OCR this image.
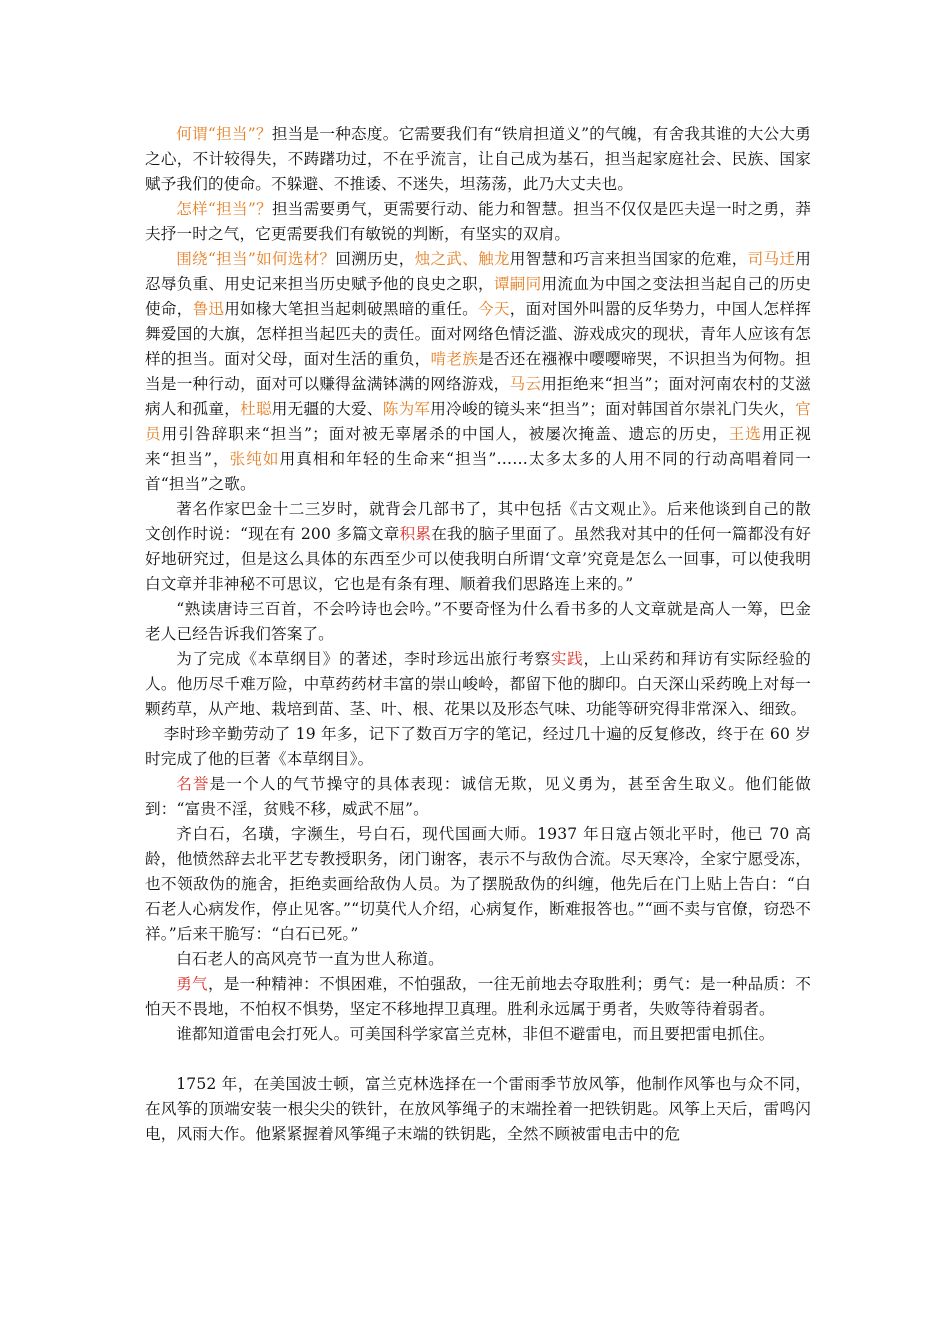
何谓“担当”？担当是一种态度。它需要我们有“铁肩担道义”的气魄，有舍我其谁的大公大勇之心，不计较得失，不踌躇功过，不在乎流言，让自己成为基石，担当起家庭社会、民族、国家赋予我们的使命。不躲避、不推诿、不迷失，坦荡荡，此乃大丈夫也。

怎样“担当”？担当需要勇气，更需要行动、能力和智慧。担当不仅仅是匹夫逞一时之勇，莽夫抒一时之气，它更需要我们有敏锐的判断，有坚实的双肩。

围绕“担当”如何选材？回溯历史，烛之武、触龙用智慧和巧言来担当国家的危难，司马迁用忍辱负重、用史记来担当历史赋予他的良史之职，谭嗣同用流血为中国之变法担当起自己的历史使命，鲁迅用如椽大笔担当起刺破黑暗的重任。今天，面对国外叫嚣的反华势力，中国人怎样挥舞爱国的大旗，怎样担当起匹夫的责任。面对网络色情泛滥、游戏成灾的现状，青年人应该有怎样的担当。面对父母，面对生活的重负，啃老族是否还在襁褓中嘤嘤啼哭，不识担当为何物。担当是一种行动，面对可以赚得盆满钵满的网络游戏，马云用拒绝来“担当”；面对河南农村的艾滋病人和孤童，杜聪用无疆的大爱、陈为军用冷峻的镜头来“担当”；面对韩国首尔崇礼门失火，官员用引咎辞职来“担当”；面对被无辜屠杀的中国人，被屡次掩盖、遗忘的历史，王选用正视来“担当”，张纯如用真相和年轻的生命来“担当”……太多太多的人用不同的行动高唱着同一首“担当”之歌。

著名作家巴金十二三岁时，就背会几部书了，其中包括《古文观止》。后来他谈到自己的散文创作时说：“现在有 200 多篇文章积累在我的脑子里面了。虽然我对其中的任何一篇都没有好好地研究过，但是这么具体的东西至少可以使我明白所谓‘文章’究竟是怎么一回事，可以使我明白文章并非神秘不可思议，它也是有条有理、顺着我们思路连上来的。”

“熟读唐诗三百首，不会吟诗也会吟。”不要奇怪为什么看书多的人文章就是高人一筹，巴金老人已经告诉我们答案了。

为了完成《本草纲目》的著述，李时珍远出旅行考察实践，上山采药和拜访有实际经验的人。他历尽千难万险，中草药药材丰富的崇山峻岭，都留下他的脚印。白天深山采药晚上对每一颗药草，从产地、栽培到苗、茎、叶、根、花果以及形态气味、功能等研究得非常深入、细致。

李时珍辛勤劳动了 19 年多，记下了数百万字的笔记，经过几十遍的反复修改，终于在 60 岁时完成了他的巨著《本草纲目》。

名誉是一个人的气节操守的具体表现：诚信无欺，见义勇为，甚至舍生取义。他们能做到：“富贵不淫，贫贱不移，威武不屈”。

齐白石，名璜，字濒生，号白石，现代国画大师。1937 年日寇占领北平时，他已 70 高龄，他愤然辞去北平艺专教授职务，闭门谢客，表示不与敌伪合流。尽天寒冷，全家宁愿受冻，也不领敌伪的施舍，拒绝卖画给敌伪人员。为了摆脱敌伪的纠缠，他先后在门上贴上告白：“白石老人心病发作，停止见客。”“切莫代人介绍，心病复作，断难报答也。”“画不卖与官僚，窃恐不祥。”后来干脆写：“白石已死。”

白石老人的高风亮节一直为世人称道。

勇气，是一种精神：不惧困难，不怕强敌，一往无前地去夺取胜利；勇气：是一种品质：不怕天不畏地，不怕权不惧势，坚定不移地捍卫真理。胜利永远属于勇者，失败等待着弱者。

谁都知道雷电会打死人。可美国科学家富兰克林，非但不避雷电，而且要把雷电抓住。

1752 年，在美国波士顿，富兰克林选择在一个雷雨季节放风筝，他制作风筝也与众不同，在风筝的顶端安装一根尖尖的铁针，在放风筝绳子的末端拴着一把铁钥匙。风筝上天后，雷鸣闪电，风雨大作。他紧紧握着风筝绳子末端的铁钥匙，全然不顾被雷电击中的危
